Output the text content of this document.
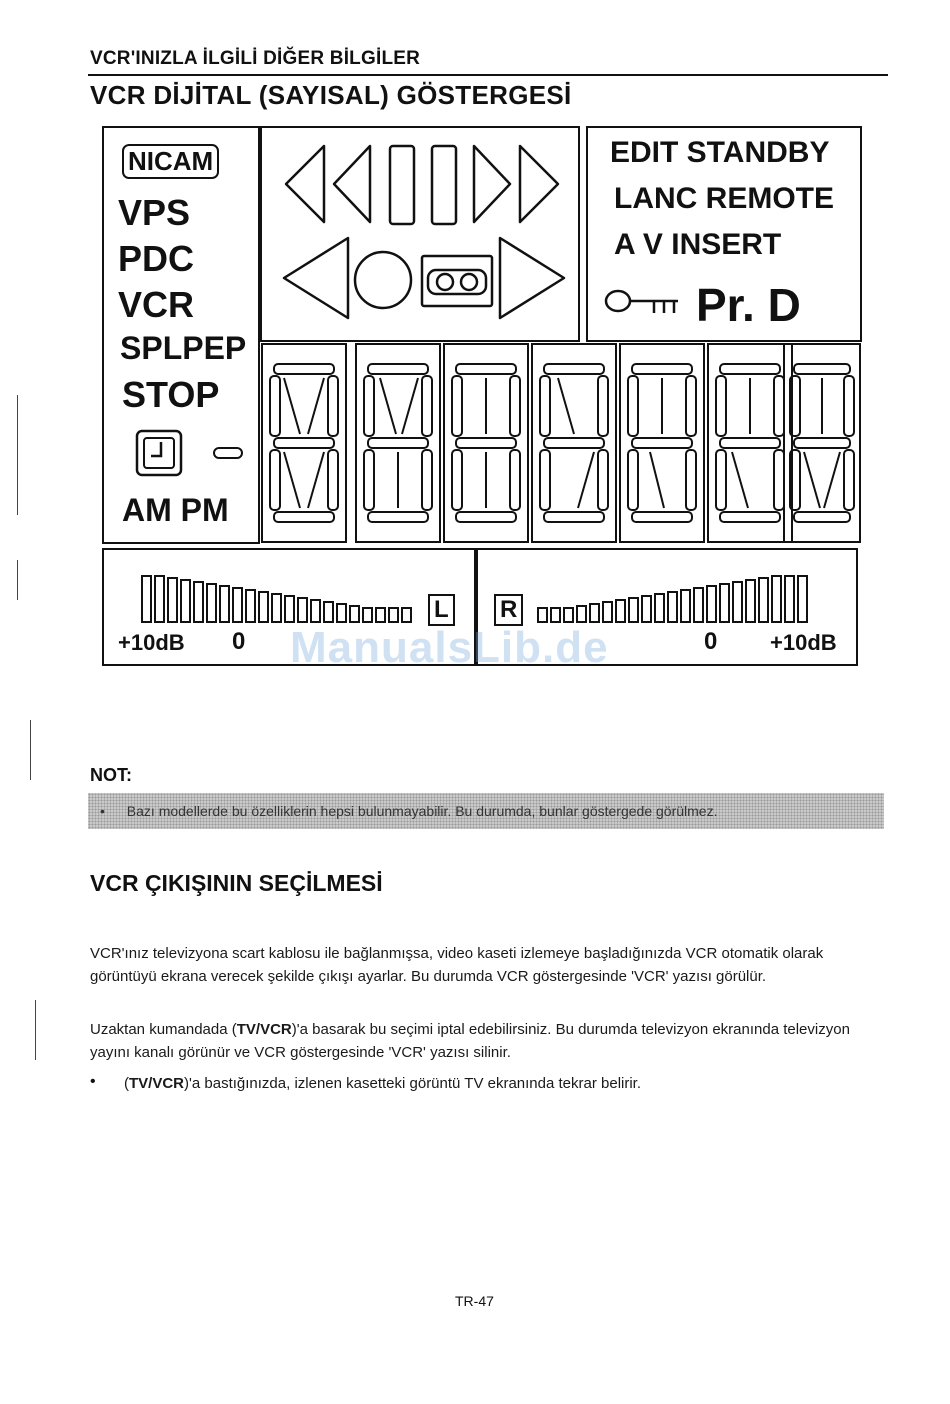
VCR'INIZLA İLGİLİ DİĞER BİLGİLER
VCR DİJİTAL (SAYISAL) GÖSTERGESİ
NICAM
VPS
PDC
VCR
SPLPEP
STOP
AM PM
EDIT STANDBY
LANC REMOTE
A V INSERT
Pr. D
L
+10dB 0
R
0 +10dB
ManualsLib.de
NOT:
• Bazı modellerde bu özelliklerin hepsi bulunmayabilir. Bu durumda, bunlar göstergede görülmez.
VCR ÇIKIŞININ SEÇİLMESİ
VCR'ınız televizyona scart kablosu ile bağlanmışsa, video kaseti izlemeye başladığınızda VCR otomatik olarak görüntüyü ekrana verecek şekilde çıkışı ayarlar. Bu durumda VCR göstergesinde 'VCR' yazısı görülür.
Uzaktan kumandada (TV/VCR)'a basarak bu seçimi iptal edebilirsiniz. Bu durumda televizyon ekranında televizyon yayını kanalı görünür ve VCR göstergesinde 'VCR' yazısı silinir.
• (TV/VCR)'a bastığınızda, izlenen kasetteki görüntü TV ekranında tekrar belirir.
TR-47
